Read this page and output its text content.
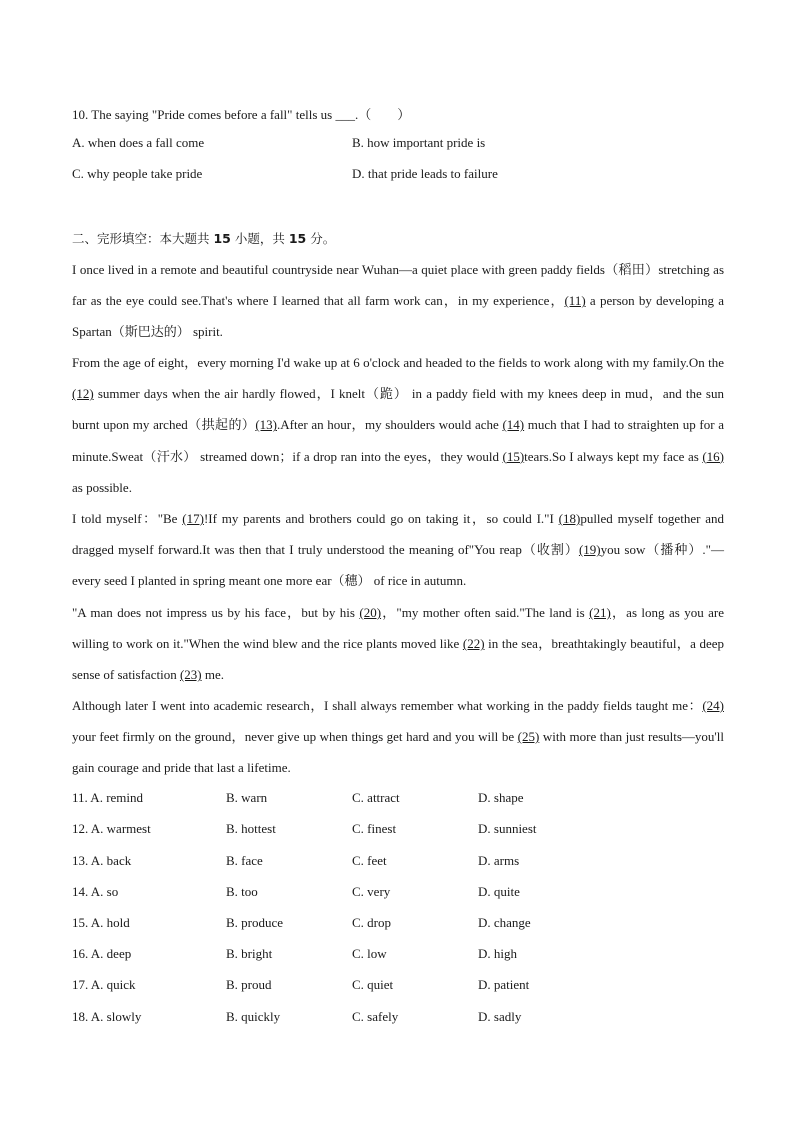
10. The saying "Pride comes before a fall" tells us ___.（　　）
A. when does a fall come	B. how important pride is
C. why people take pride	D. that pride leads to failure
二、完形填空：本大题共 15 小题，共 15 分。
I once lived in a remote and beautiful countryside near Wuhan—a quiet place with green paddy fields（稻田）stretching as far as the eye could see.That's where I learned that all farm work can，in my experience，(11) a person by developing a Spartan（斯巴达的） spirit.
From the age of eight，every morning I'd wake up at 6 o'clock and headed to the fields to work along with my family.On the (12) summer days when the air hardly flowed，I knelt（跪） in a paddy field with my knees deep in mud，and the sun burnt upon my arched（拱起的）(13).After an hour，my shoulders would ache (14) much that I had to straighten up for a minute.Sweat（汗水） streamed down；if a drop ran into the eyes，they would (15)tears.So I always kept my face as (16) as possible.
I told myself："Be (17)!If my parents and brothers could go on taking it，so could I."I (18)pulled myself together and dragged myself forward.It was then that I truly understood the meaning of"You reap（收割）(19)you sow（播种）."—every seed I planted in spring meant one more ear（穗） of rice in autumn.
"A man does not impress us by his face，but by his (20)，"my mother often said."The land is (21)，as long as you are willing to work on it."When the wind blew and the rice plants moved like (22) in the sea，breathtakingly beautiful，a deep sense of satisfaction (23) me.
Although later I went into academic research，I shall always remember what working in the paddy fields taught me：(24) your feet firmly on the ground，never give up when things get hard and you will be (25) with more than just results—you'll gain courage and pride that last a lifetime.
11. A. remind	B. warn	C. attract	D. shape
12. A. warmest	B. hottest	C. finest	D. sunniest
13. A. back	B. face	C. feet	D. arms
14. A. so	B. too	C. very	D. quite
15. A. hold	B. produce	C. drop	D. change
16. A. deep	B. bright	C. low	D. high
17. A. quick	B. proud	C. quiet	D. patient
18. A. slowly	B. quickly	C. safely	D. sadly
